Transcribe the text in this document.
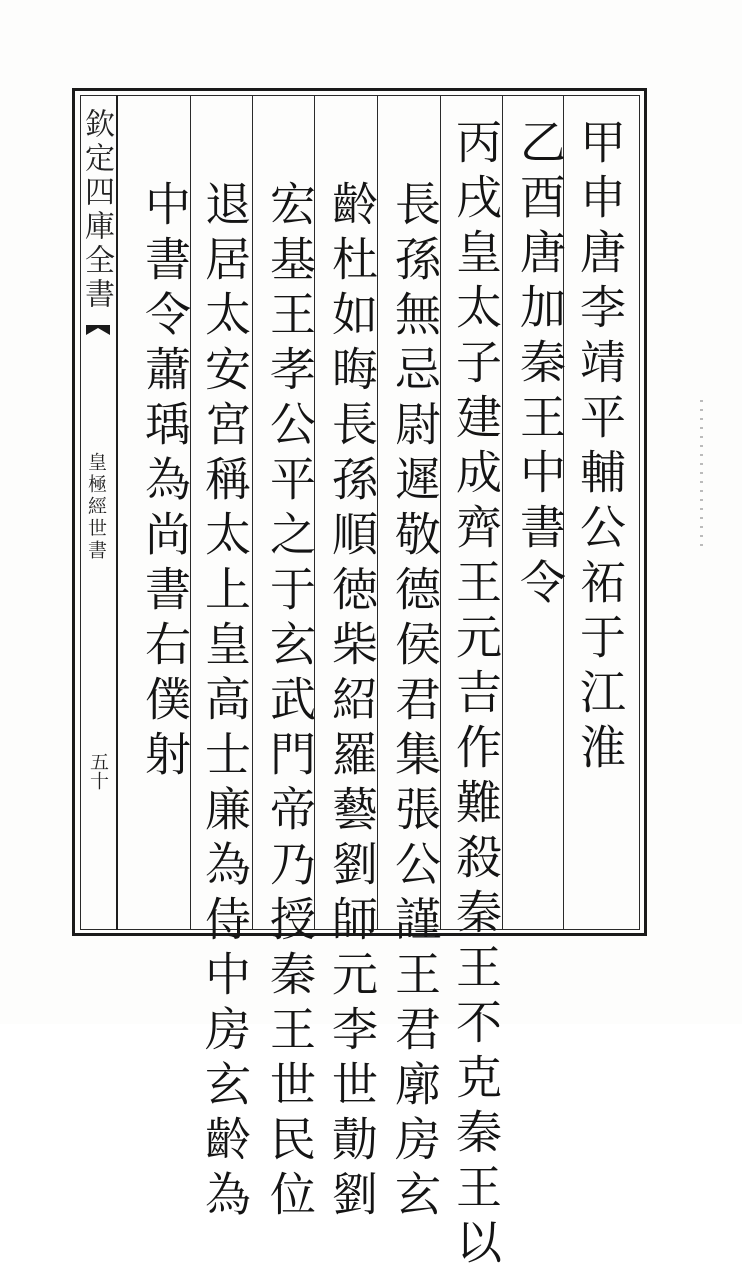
欽定四庫全書
皇極經世書
五十	甲申唐李靖平輔公祏于江淮
乙酉唐加秦王中書令
丙戌皇太子建成齊王元吉作難殺秦王不克秦王以
長孫無忌尉遲敬德侯君集張公謹王君廓房玄
齡杜如晦長孫順徳柴紹羅藝劉師元李世勣劉
宏基王孝公平之于玄武門帝乃授秦王世民位
退居太安宮稱太上皇高士廉為侍中房玄齡為
中書令蕭瑀為尚書右僕射
